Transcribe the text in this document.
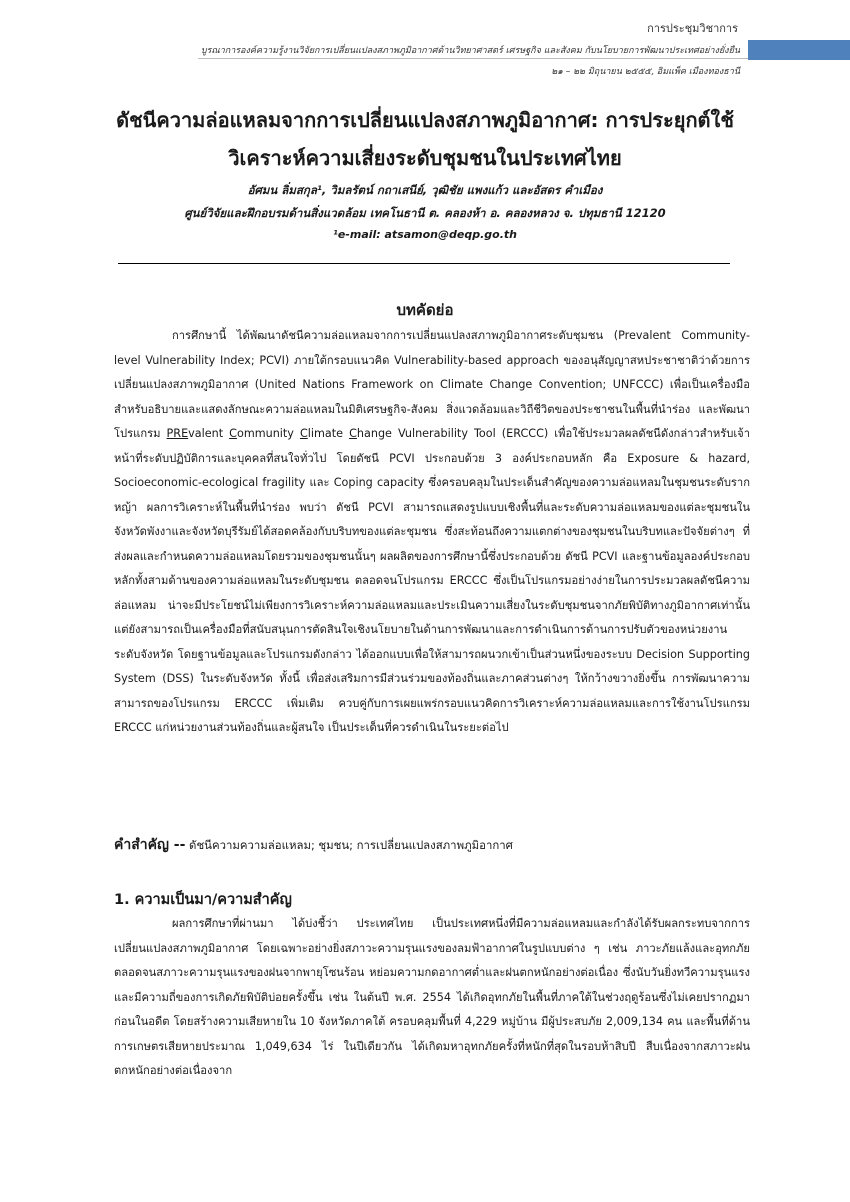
การประชุมวิชาการ
บูรณาการองค์ความรู้งานวิจัยการเปลี่ยนแปลงสภาพภูมิอากาศด้านวิทยาศาสตร์ เศรษฐกิจ และสังคม กับนโยบายการพัฒนาประเทศอย่างยั่งยืน
๒๑ – ๒๒ มิถุนายน ๒๕๕๕, อิมแพ็ค เมืองทองธานี
ดัชนีความล่อแหลมจากการเปลี่ยนแปลงสภาพภูมิอากาศ: การประยุกต์ใช้
วิเคราะห์ความเสี่ยงระดับชุมชนในประเทศไทย
อัศมน ลิ่มสกุล¹, วิมลรัตน์ กถาเสนีย์, วุฒิชัย แพงแก้ว และอัสดร คำเมือง
ศูนย์วิจัยและฝึกอบรมด้านสิ่งแวดล้อม เทคโนธานี ต. คลองห้า อ. คลองหลวง จ. ปทุมธานี 12120
¹e-mail: atsamon@deqp.go.th
บทคัดย่อ
การศึกษานี้ ได้พัฒนาดัชนีความล่อแหลมจากการเปลี่ยนแปลงสภาพภูมิอากาศระดับชุมชน (Prevalent Community-level Vulnerability Index; PCVI) ภายใต้กรอบแนวคิด Vulnerability-based approach ของอนุสัญญาสหประชาชาติว่าด้วยการเปลี่ยนแปลงสภาพภูมิอากาศ (United Nations Framework on Climate Change Convention; UNFCCC) เพื่อเป็นเครื่องมือสำหรับอธิบายและแสดงลักษณะความล่อแหลมในมิติเศรษฐกิจ-สังคม สิ่งแวดล้อมและวิถีชีวิตของประชาชนในพื้นที่นำร่อง และพัฒนาโปรแกรม PREvalent Community Climate Change Vulnerability Tool (ERCCC) เพื่อใช้ประมวลผลดัชนีดังกล่าวสำหรับเจ้าหน้าที่ระดับปฏิบัติการและบุคคลที่สนใจทั่วไป โดยดัชนี PCVI ประกอบด้วย 3 องค์ประกอบหลัก คือ Exposure & hazard, Socioeconomic-ecological fragility และ Coping capacity ซึ่งครอบคลุมในประเด็นสำคัญของความล่อแหลมในชุมชนระดับรากหญ้า ผลการวิเคราะห์ในพื้นที่นำร่อง พบว่า ดัชนี PCVI สามารถแสดงรูปแบบเชิงพื้นที่และระดับความล่อแหลมของแต่ละชุมชนในจังหวัดพังงาและจังหวัดบุรีรัมย์ได้สอดคล้องกับบริบทของแต่ละชุมชน ซึ่งสะท้อนถึงความแตกต่างของชุมชนในบริบทและปัจจัยต่างๆ ที่ส่งผลและกำหนดความล่อแหลมโดยรวมของชุมชนนั้นๆ ผลผลิตของการศึกษานี้ซึ่งประกอบด้วย ดัชนี PCVI และฐานข้อมูลองค์ประกอบหลักทั้งสามด้านของความล่อแหลมในระดับชุมชน ตลอดจนโปรแกรม ERCCC ซึ่งเป็นโปรแกรมอย่างง่ายในการประมวลผลดัชนีความล่อแหลม น่าจะมีประโยชน์ไม่เพียงการวิเคราะห์ความล่อแหลมและประเมินความเสี่ยงในระดับชุมชนจากภัยพิบัติทางภูมิอากาศเท่านั้น แต่ยังสามารถเป็นเครื่องมือที่สนับสนุนการตัดสินใจเชิงนโยบายในด้านการพัฒนาและการดำเนินการด้านการปรับตัวของหน่วยงานระดับจังหวัด โดยฐานข้อมูลและโปรแกรมดังกล่าว ได้ออกแบบเพื่อให้สามารถผนวกเข้าเป็นส่วนหนึ่งของระบบ Decision Supporting System (DSS) ในระดับจังหวัด ทั้งนี้ เพื่อส่งเสริมการมีส่วนร่วมของท้องถิ่นและภาคส่วนต่างๆ ให้กว้างขวางยิ่งขึ้น การพัฒนาความสามารถของโปรแกรม ERCCC เพิ่มเติม ควบคู่กับการเผยแพร่กรอบแนวคิดการวิเคราะห์ความล่อแหลมและการใช้งานโปรแกรม ERCCC แก่หน่วยงานส่วนท้องถิ่นและผู้สนใจ เป็นประเด็นที่ควรดำเนินในระยะต่อไป
คำสำคัญ -- ดัชนีความความล่อแหลม; ชุมชน; การเปลี่ยนแปลงสภาพภูมิอากาศ
1. ความเป็นมา/ความสำคัญ
ผลการศึกษาที่ผ่านมา ได้บ่งชี้ว่า ประเทศไทย เป็นประเทศหนึ่งที่มีความล่อแหลมและกำลังได้รับผลกระทบจากการเปลี่ยนแปลงสภาพภูมิอากาศ โดยเฉพาะอย่างยิ่งสภาวะความรุนแรงของลมฟ้าอากาศในรูปแบบต่าง ๆ เช่น ภาวะภัยแล้งและอุทกภัย ตลอดจนสภาวะความรุนแรงของฝนจากพายุโซนร้อน หย่อมความกดอากาศต่ำและฝนตกหนักอย่างต่อเนื่อง ซึ่งนับวันยิ่งทวีความรุนแรงและมีความถี่ของการเกิดภัยพิบัติบ่อยครั้งขึ้น เช่น ในต้นปี พ.ศ. 2554 ได้เกิดอุทกภัยในพื้นที่ภาคใต้ในช่วงฤดูร้อนซึ่งไม่เคยปรากฏมาก่อนในอดีต โดยสร้างความเสียหายใน 10 จังหวัดภาคใต้ ครอบคลุมพื้นที่ 4,229 หมู่บ้าน มีผู้ประสบภัย 2,009,134 คน และพื้นที่ด้านการเกษตรเสียหายประมาณ 1,049,634 ไร่ ในปีเดียวกัน ได้เกิดมหาอุทกภัยครั้งที่หนักที่สุดในรอบห้าสิบปี สืบเนื่องจากสภาวะฝนตกหนักอย่างต่อเนื่องจาก
